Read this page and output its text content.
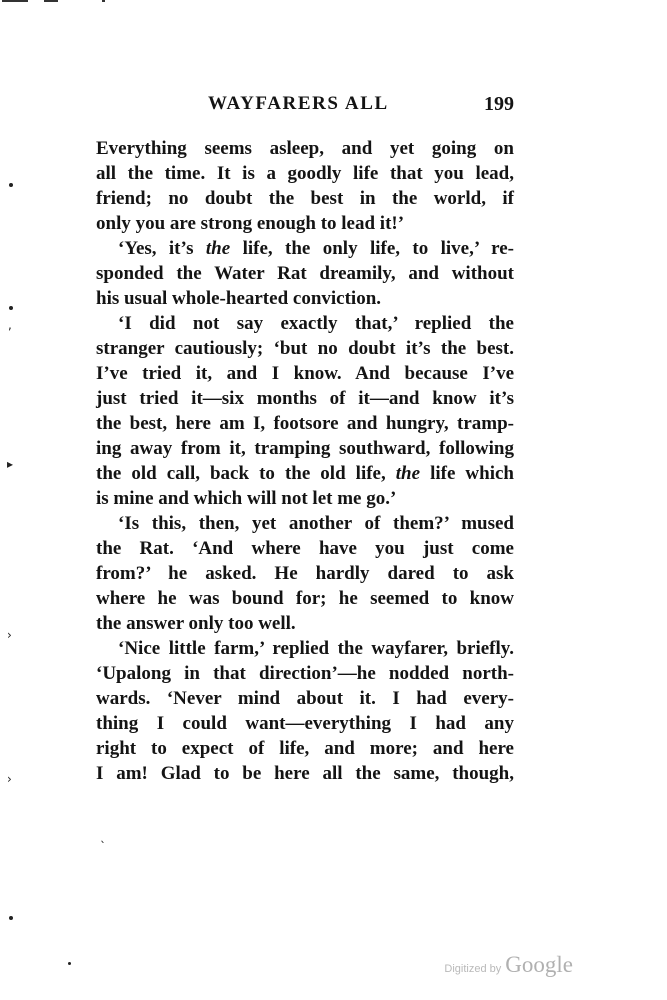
WAYFARERS ALL	199
Everything seems asleep, and yet going on
all the time. It is a goodly life that you lead,
friend; no doubt the best in the world, if
only you are strong enough to lead it!’
‘Yes, it’s the life, the only life, to live,’ re-
sponded the Water Rat dreamily, and without
his usual whole-hearted conviction.
‘I did not say exactly that,’ replied the
stranger cautiously; ‘but no doubt it’s the best.
I’ve tried it, and I know. And because I’ve
just tried it—six months of it—and know it’s
the best, here am I, footsore and hungry, tramp-
ing away from it, tramping southward, following
the old call, back to the old life, the life which
is mine and which will not let me go.’
‘Is this, then, yet another of them?’ mused
the Rat. ‘And where have you just come
from?’ he asked. He hardly dared to ask
where he was bound for; he seemed to know
the answer only too well.
‘Nice little farm,’ replied the wayfarer, briefly.
‘Upalong in that direction’—he nodded north-
wards. ‘Never mind about it. I had every-
thing I could want—everything I had any
right to expect of life, and more; and here
I am! Glad to be here all the same, though,
,
▸
›
›
ˎ
Digitized by Google
